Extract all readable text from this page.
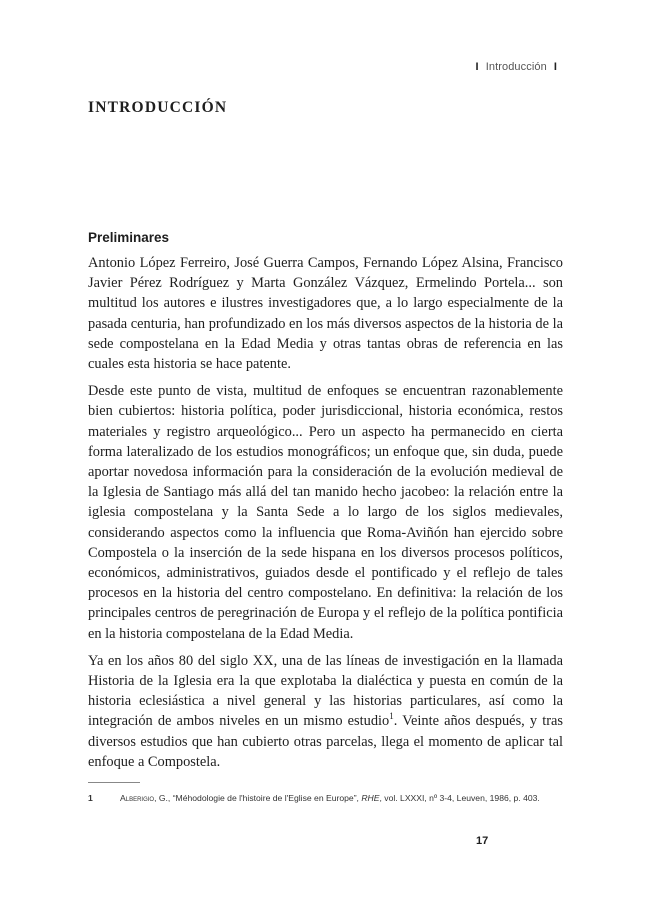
I Introducción I
INTRODUCCIÓN
Preliminares

Antonio López Ferreiro, José Guerra Campos, Fernando López Alsina, Francisco Javier Pérez Rodríguez y Marta González Vázquez, Ermelindo Portela... son multitud los autores e ilustres investigadores que, a lo largo especialmente de la pasada centuria, han profundizado en los más diversos aspectos de la historia de la sede compostelana en la Edad Media y otras tantas obras de referencia en las cuales esta historia se hace patente.

Desde este punto de vista, multitud de enfoques se encuentran razonablemente bien cubiertos: historia política, poder jurisdiccional, historia económica, restos materiales y registro arqueológico... Pero un aspecto ha permanecido en cierta forma lateralizado de los estudios monográficos; un enfoque que, sin duda, puede aportar novedosa información para la consideración de la evolución medieval de la Iglesia de Santiago más allá del tan manido hecho jacobeo: la relación entre la iglesia compostelana y la Santa Sede a lo largo de los siglos medievales, considerando aspectos como la influencia que Roma-Aviñón han ejercido sobre Compostela o la inserción de la sede hispana en los diversos procesos políticos, económicos, administrativos, guiados desde el pontificado y el reflejo de tales procesos en la historia del centro compostelano. En definitiva: la relación de los principales centros de peregrinación de Europa y el reflejo de la política pontificia en la historia compostelana de la Edad Media.

Ya en los años 80 del siglo XX, una de las líneas de investigación en la llamada Historia de la Iglesia era la que explotaba la dialéctica y puesta en común de la historia eclesiástica a nivel general y las historias particulares, así como la integración de ambos niveles en un mismo estudio$^1$. Veinte años después, y tras diversos estudios que han cubierto otras parcelas, llega el momento de aplicar tal enfoque a Compostela.

1	Alberigio, G., “Méhodologie de l'histoire de l'Eglise en Europe”, RHE, vol. LXXXI, nº 3-4, Leuven, 1986, p. 403.
17
